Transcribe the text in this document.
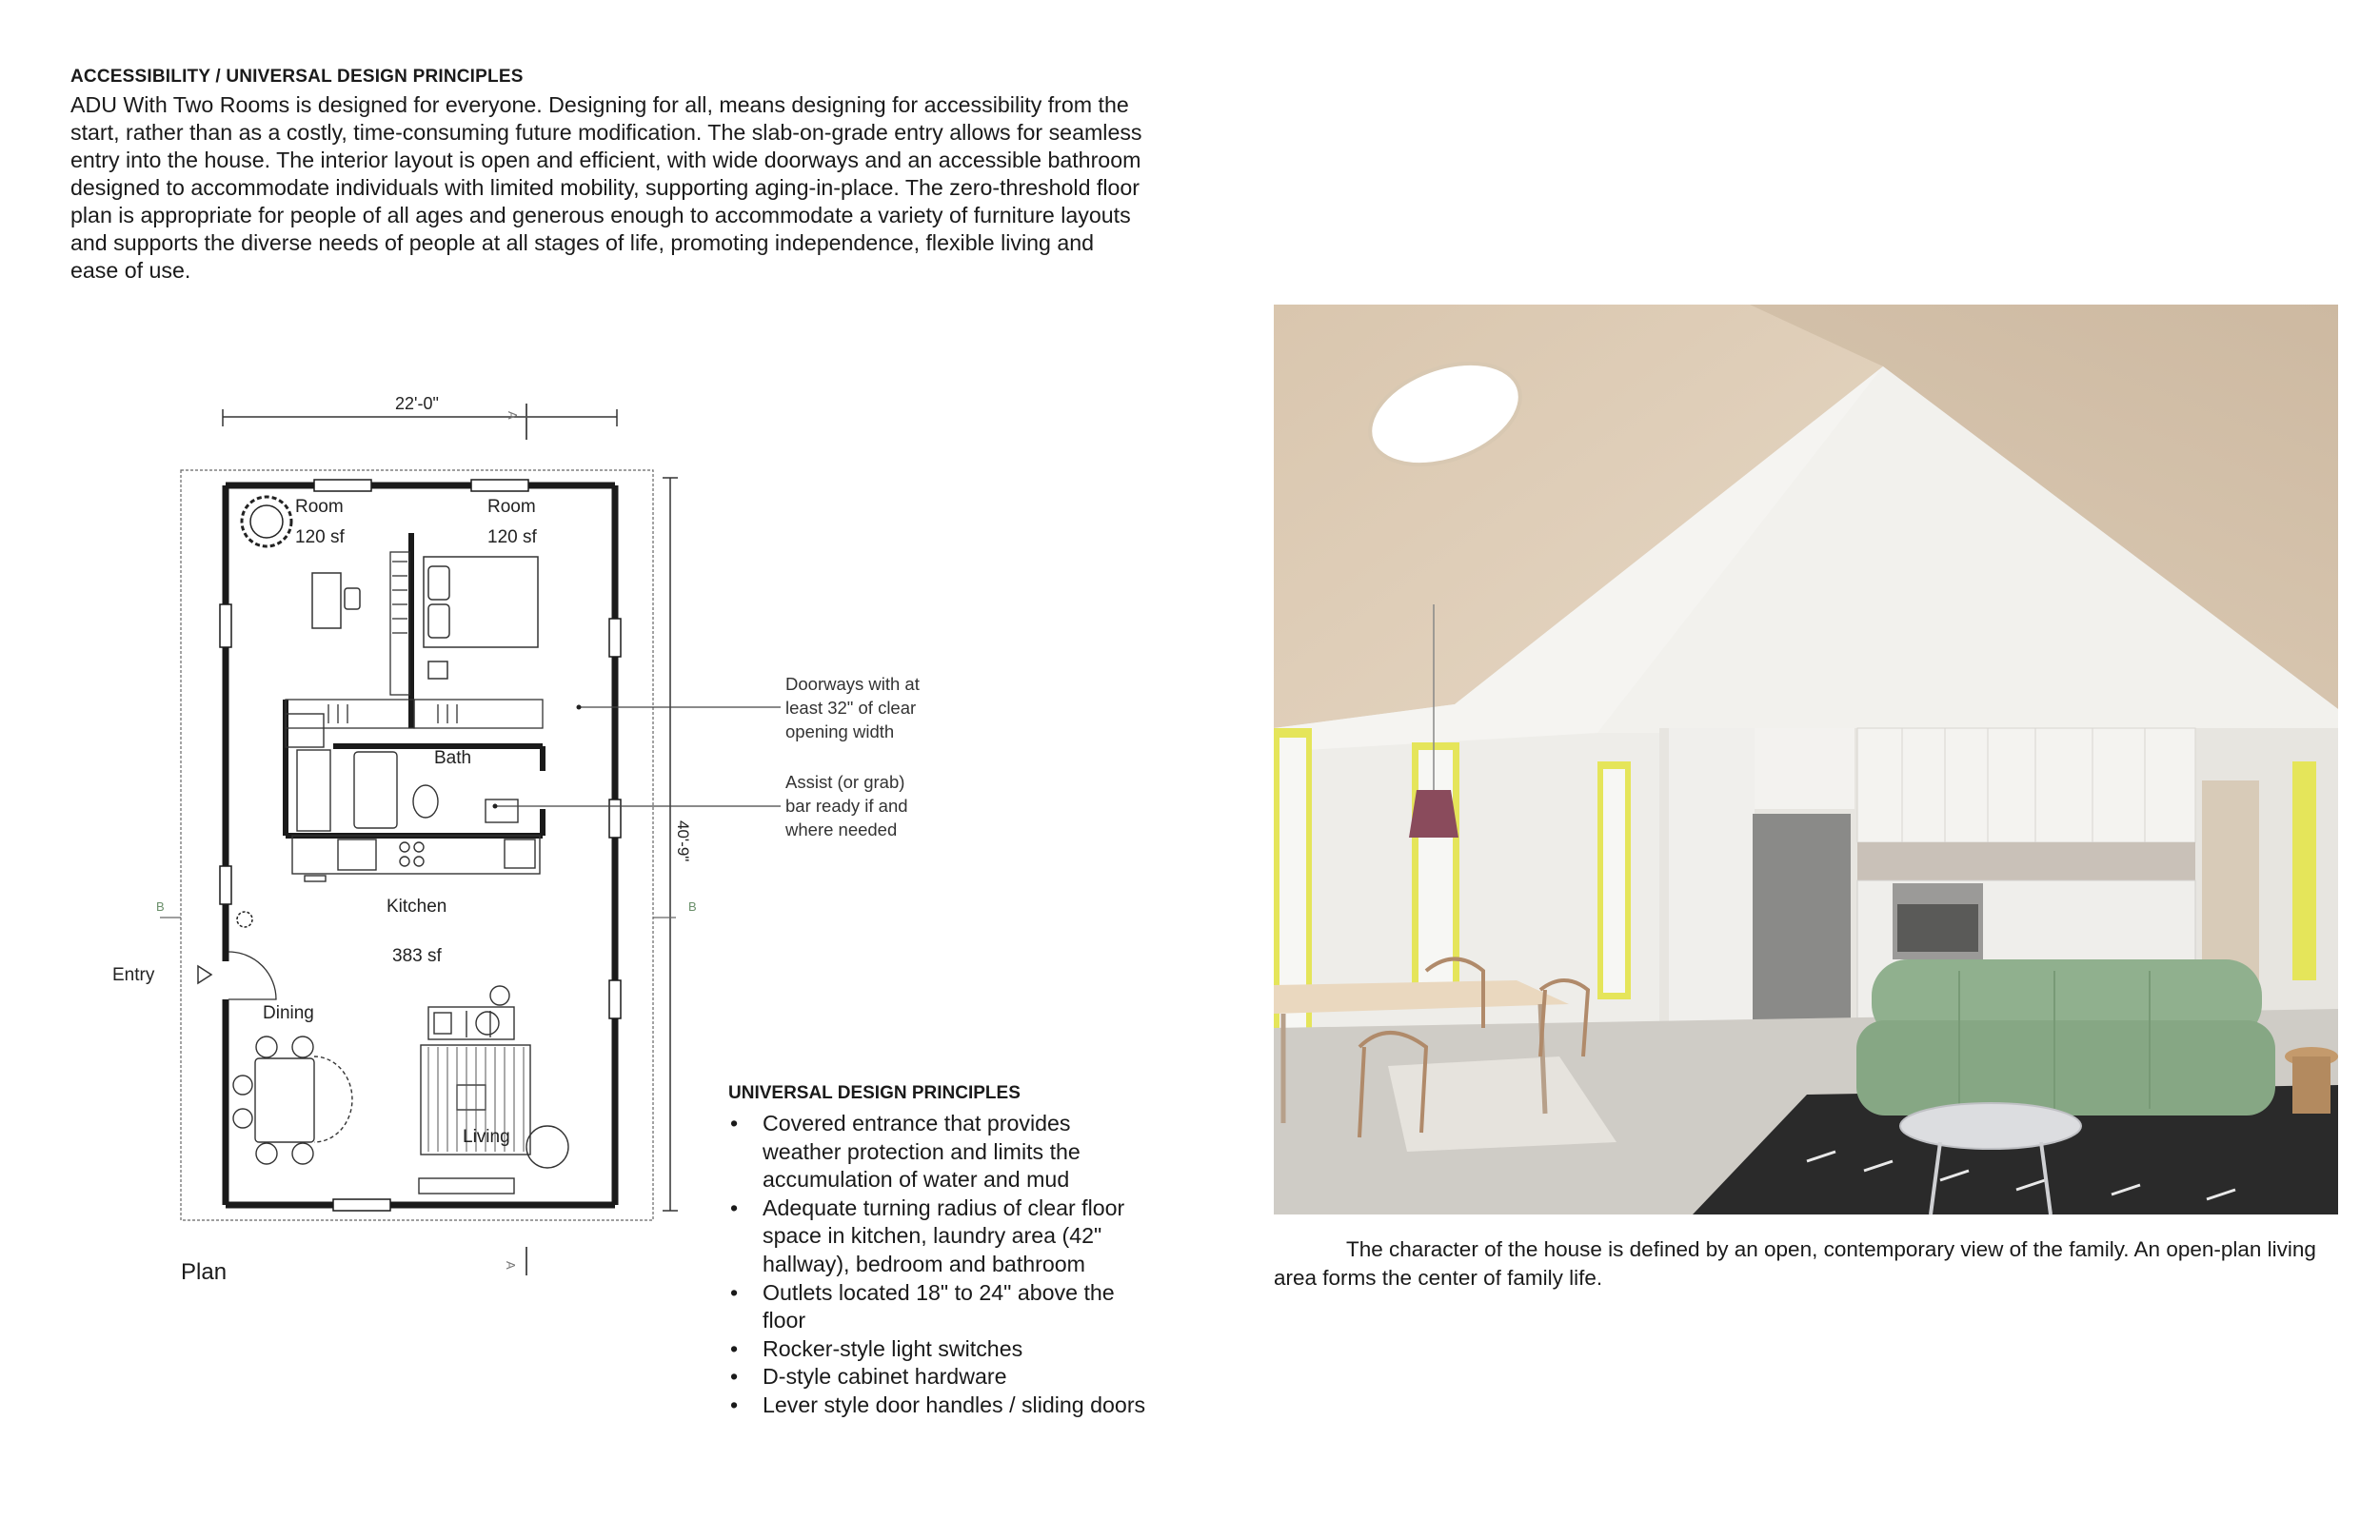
ACCESSIBILITY / UNIVERSAL DESIGN PRINCIPLES
ADU With Two Rooms is designed for everyone. Designing for all, means designing for accessibility from the start, rather than as a costly, time-consuming future modification. The slab-on-grade entry allows for seamless entry into the house. The interior layout is open and efficient, with wide doorways and an accessible bathroom designed to accommodate individuals with limited mobility, supporting aging-in-place. The zero-threshold floor plan is appropriate for people of all ages and generous enough to accommodate a variety of furniture layouts and supports the diverse needs of people at all stages of life, promoting independence, flexible living and ease of use.
22'-0"
A
40'-9"
Entry
B	B
A
Room
120 sf
Room
120 sf
Bath
Kitchen
383 sf
Dining
Living
Doorways with at
least 32" of clear
opening width
Assist (or grab)
bar ready if and
where needed
Plan
UNIVERSAL DESIGN PRINCIPLES
• Covered entrance that provides weather protection and limits the accumulation of water and mud
• Adequate turning radius of clear floor space in kitchen, laundry area (42" hallway), bedroom and bathroom
• Outlets located 18" to 24" above the floor
• Rocker-style light switches
• D-style cabinet hardware
• Lever style door handles / sliding doors
The character of the house is defined by an open, contemporary view of the family. An open-plan living area forms the center of family life.
